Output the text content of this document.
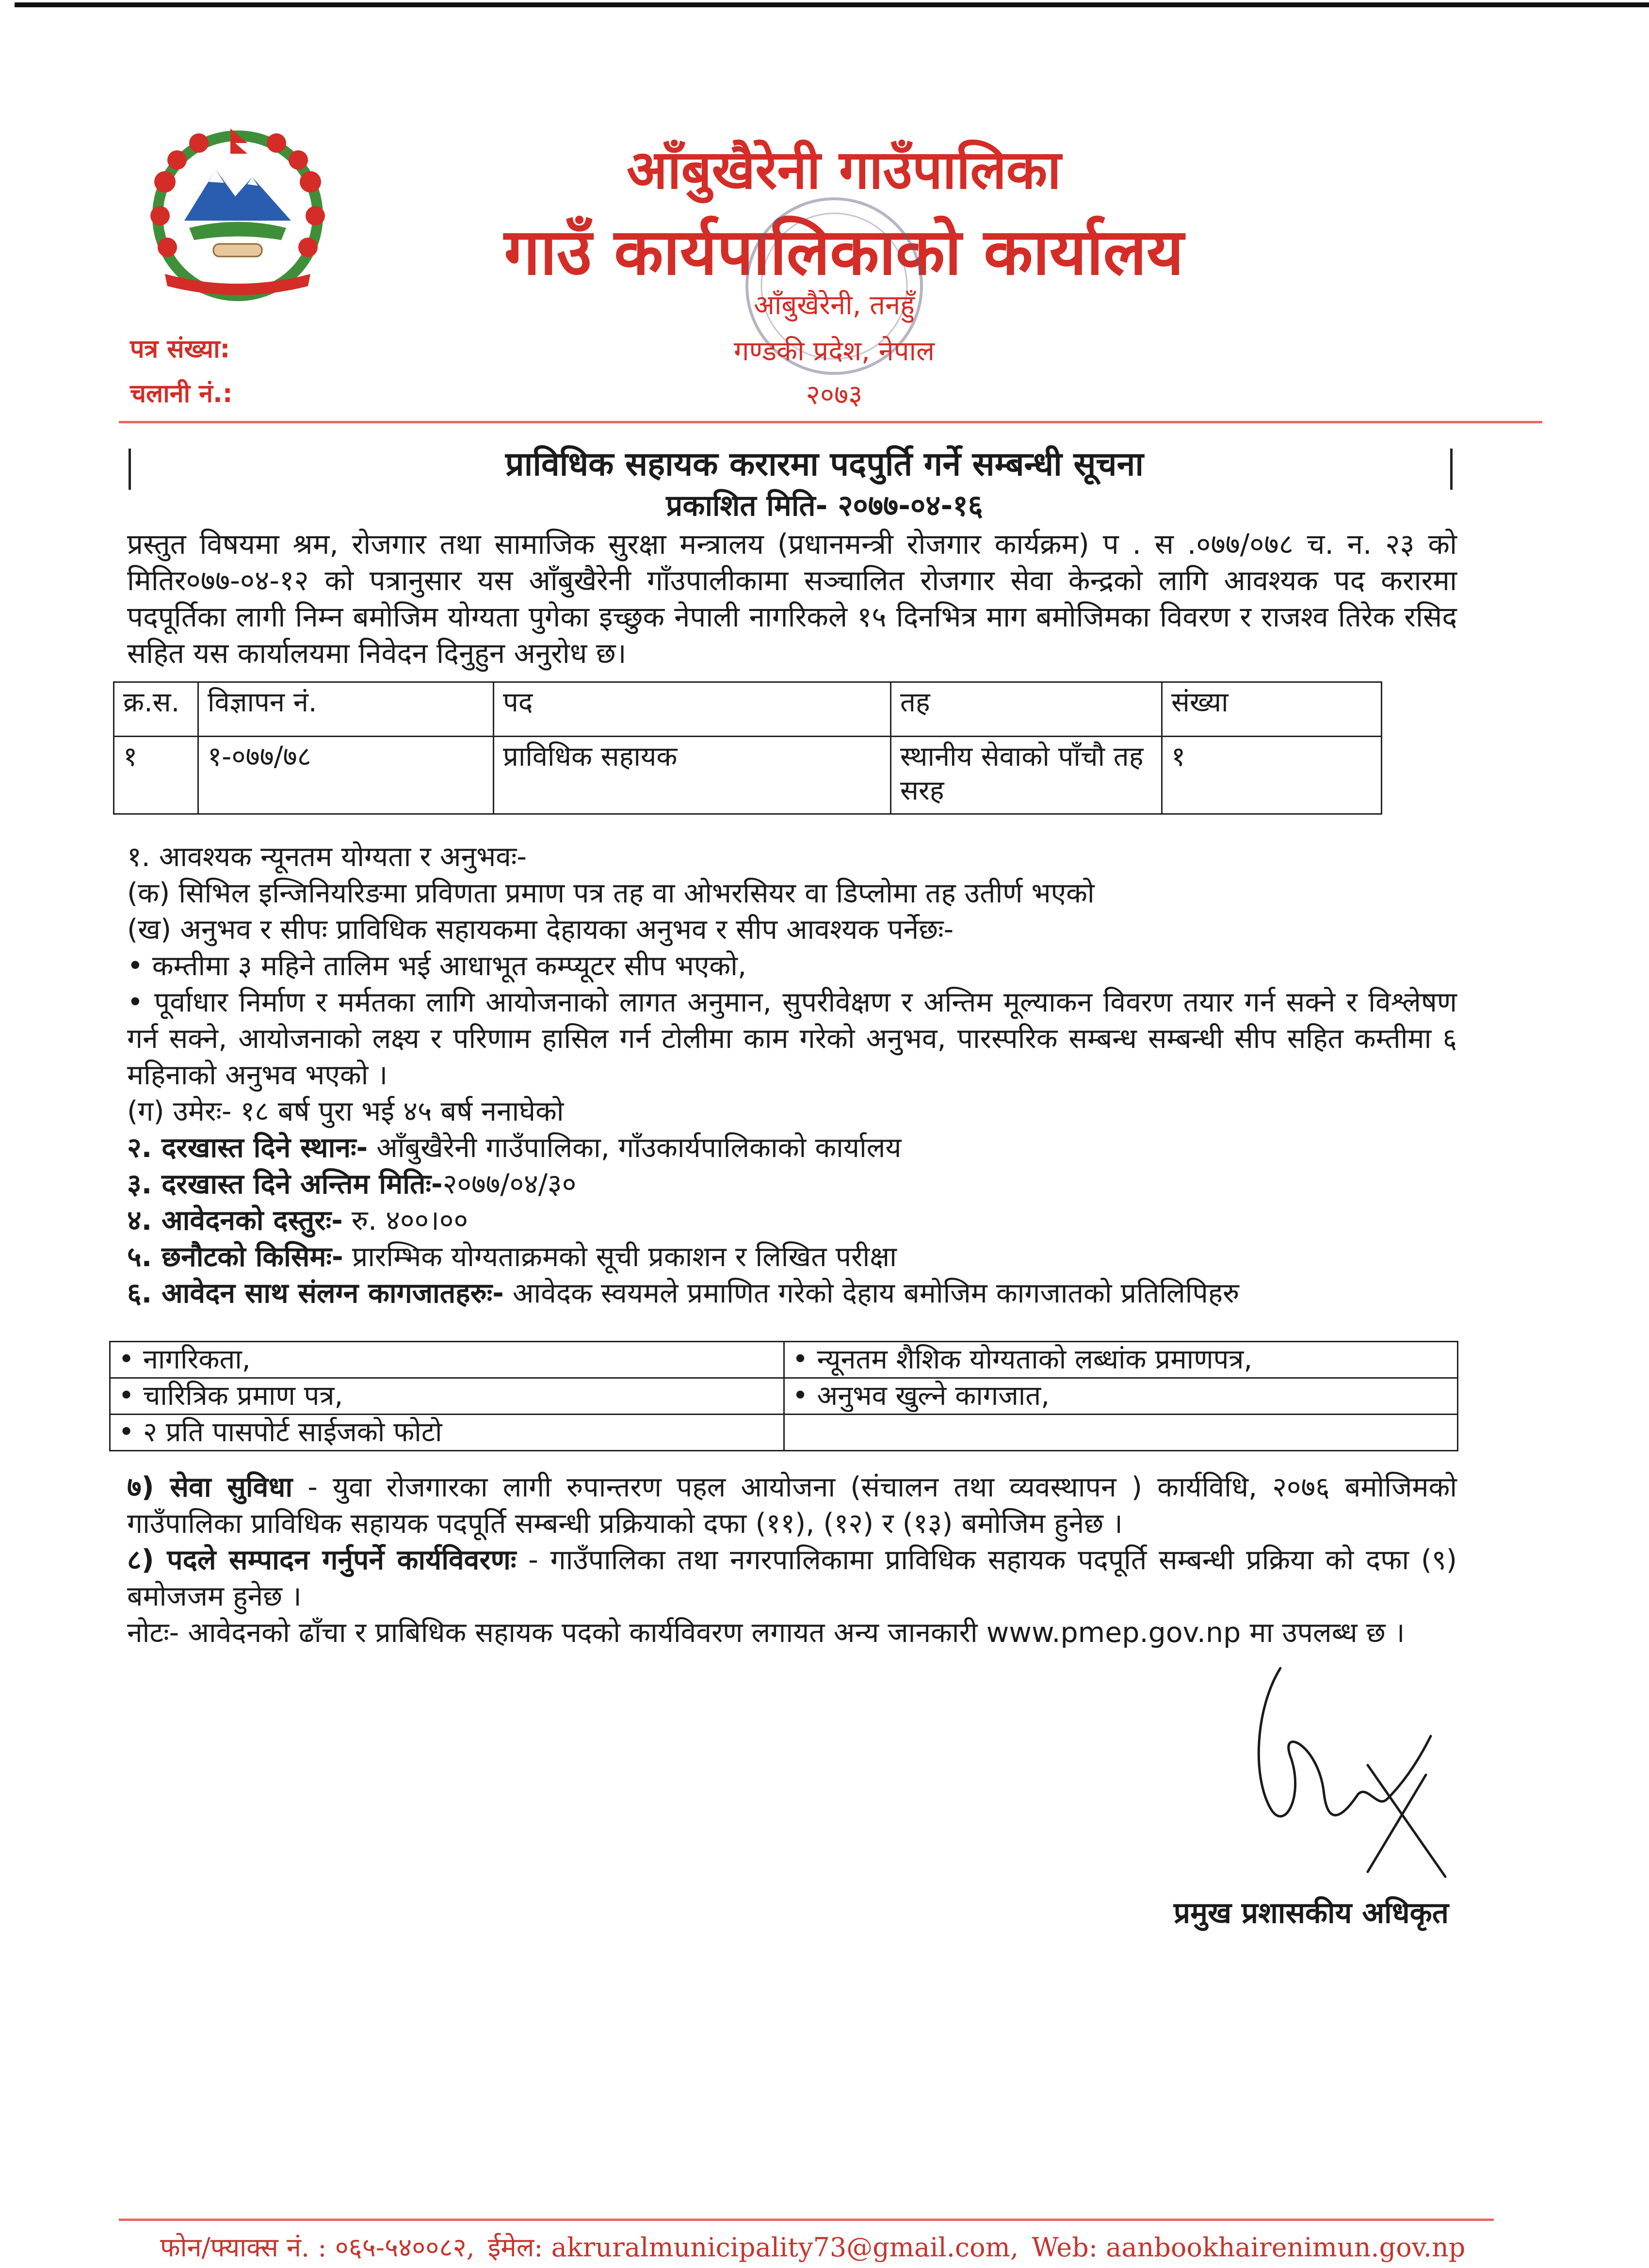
आँबुखैरेनी गाउँपालिका
गाउँ कार्यपालिकाको कार्यालय
आँबुखैरेनी, तनहुँ
गण्डकी प्रदेश, नेपाल
२०७३
पत्र संख्या:
चलानी नं.:
प्राविधिक सहायक करारमा पदपुर्ति गर्ने सम्बन्धी सूचना
प्रकाशित मिति- २०७७-०४-१६

प्रस्तुत विषयमा श्रम, रोजगार तथा सामाजिक सुरक्षा मन्त्रालय (प्रधानमन्त्री रोजगार कार्यक्रम) प . स .०७७/०७८ च. न. २३ को मितिर०७७-०४-१२ को पत्रानुसार यस आँबुखैरेनी गाँउपालीकामा सञ्चालित रोजगार सेवा केन्द्रको लागि आवश्यक पद करारमा पदपूर्तिका लागी निम्न बमोजिम योग्यता पुगेका इच्छुक नेपाली नागरिकले १५ दिनभित्र माग बमोजिमका विवरण र राजश्व तिरेक रसिद सहित यस कार्यालयमा निवेदन दिनुहुन अनुरोध छ।

क्र.स.	विज्ञापन नं.	पद	तह	संख्या
१	१-०७७/७८	प्राविधिक सहायक	स्थानीय सेवाको पाँचौ तह सरह	१

१. आवश्यक न्यूनतम योग्यता र अनुभवः-

(क) सिभिल इन्जिनियरिङमा प्रविणता प्रमाण पत्र तह वा ओभरसियर वा डिप्लोमा तह उतीर्ण भएको

(ख) अनुभव र सीपः प्राविधिक सहायकमा देहायका अनुभव र सीप आवश्यक पर्नेछः-

• कम्तीमा ३ महिने तालिम भई आधाभूत कम्प्यूटर सीप भएको,

• पूर्वाधार निर्माण र मर्मतका लागि आयोजनाको लागत अनुमान, सुपरीवेक्षण र अन्तिम मूल्याकन विवरण तयार गर्न सक्ने र विश्लेषण गर्न सक्ने, आयोजनाको लक्ष्य र परिणाम हासिल गर्न टोलीमा काम गरेको अनुभव, पारस्परिक सम्बन्ध सम्बन्धी सीप सहित कम्तीमा ६ महिनाको अनुभव भएको ।

(ग) उमेरः- १८ बर्ष पुरा भई ४५ बर्ष ननाघेको

२. दरखास्त दिने स्थानः- आँबुखैरेनी गाउँपालिका, गाँउकार्यपालिकाको कार्यालय

३. दरखास्त दिने अन्तिम मितिः-२०७७/०४/३०

४. आवेदनको दस्तुरः- रु. ४००।००

५. छनौटको किसिमः- प्रारम्भिक योग्यताक्रमको सूची प्रकाशन र लिखित परीक्षा

६. आवेदन साथ संलग्न कागजातहरुः- आवेदक स्वयमले प्रमाणित गरेको देहाय बमोजिम कागजातको प्रतिलिपिहरु

• नागरिकता,	• न्यूनतम शैशिक योग्यताको लब्धांक प्रमाणपत्र,
• चारित्रिक प्रमाण पत्र,	• अनुभव खुल्ने कागजात,
• २ प्रति पासपोर्ट साईजको फोटो	

७) सेवा सुविधा - युवा रोजगारका लागी रुपान्तरण पहल आयोजना (संचालन तथा व्यवस्थापन ) कार्यविधि, २०७६ बमोजिमको गाउँपालिका प्राविधिक सहायक पदपूर्ति सम्बन्धी प्रक्रियाको दफा (११), (१२) र (१३) बमोजिम हुनेछ ।

८) पदले सम्पादन गर्नुपर्ने कार्यविवरणः - गाउँपालिका तथा नगरपालिकामा प्राविधिक सहायक पदपूर्ति सम्बन्धी प्रक्रिया को दफा (९) बमोजजम हुनेछ ।

नोटः- आवेदनको ढाँचा र प्राबिधिक सहायक पदको कार्यविवरण लगायत अन्य जानकारी www.pmep.gov.np मा उपलब्ध छ ।

प्रमुख प्रशासकीय अधिकृत
फोन/फ्याक्स नं. : ०६५-५४००८२, ईमेल: akruralmunicipality73@gmail.com, Web: aanbookhairenimun.gov.np
